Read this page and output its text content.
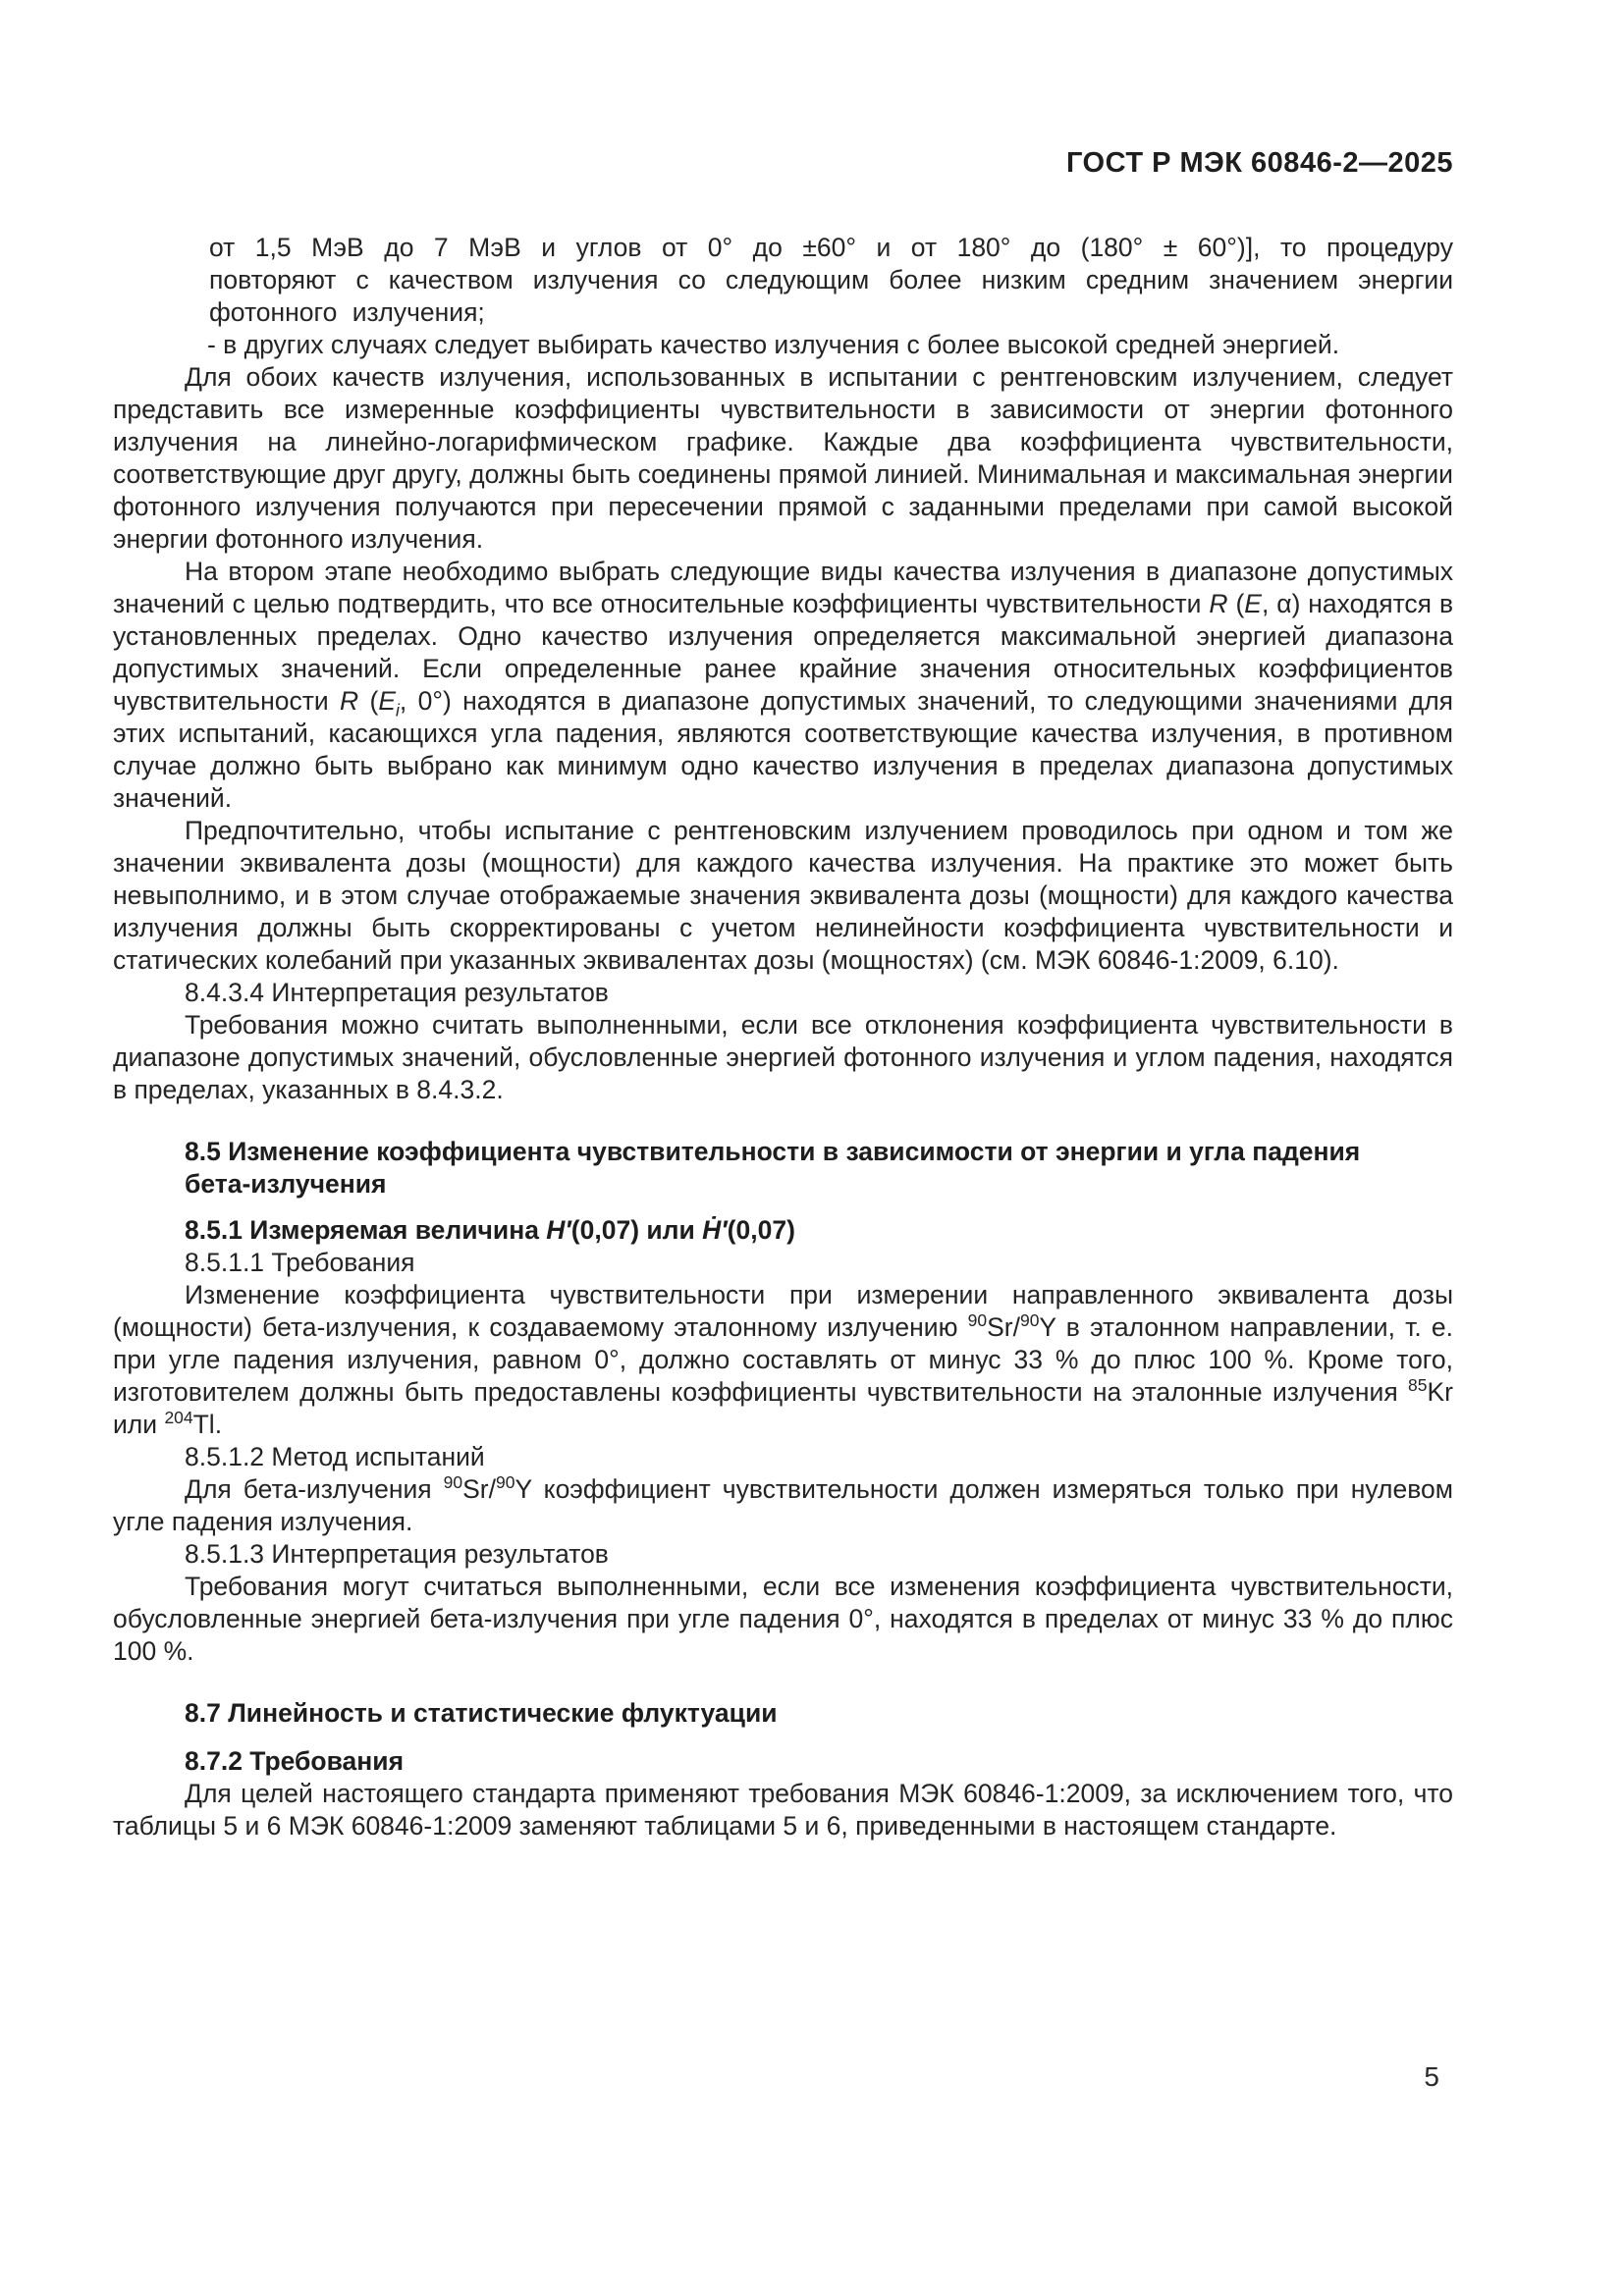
ГОСТ Р МЭК 60846-2—2025
от 1,5 МэВ до 7 МэВ и углов от 0° до ±60° и от 180° до (180° ± 60°)], то процедуру повторяют с качеством излучения со следующим более низким средним значением энергии фотонного излучения;
- в других случаях следует выбирать качество излучения с более высокой средней энергией.
Для обоих качеств излучения, использованных в испытании с рентгеновским излучением, следует представить все измеренные коэффициенты чувствительности в зависимости от энергии фотонного излучения на линейно-логарифмическом графике. Каждые два коэффициента чувствительности, соответствующие друг другу, должны быть соединены прямой линией. Минимальная и максимальная энергии фотонного излучения получаются при пересечении прямой с заданными пределами при самой высокой энергии фотонного излучения.
На втором этапе необходимо выбрать следующие виды качества излучения в диапазоне допустимых значений с целью подтвердить, что все относительные коэффициенты чувствительности R (E, α) находятся в установленных пределах. Одно качество излучения определяется максимальной энергией диапазона допустимых значений. Если определенные ранее крайние значения относительных коэффициентов чувствительности R ($E_i$, 0°) находятся в диапазоне допустимых значений, то следующими значениями для этих испытаний, касающихся угла падения, являются соответствующие качества излучения, в противном случае должно быть выбрано как минимум одно качество излучения в пределах диапазона допустимых значений.
Предпочтительно, чтобы испытание с рентгеновским излучением проводилось при одном и том же значении эквивалента дозы (мощности) для каждого качества излучения. На практике это может быть невыполнимо, и в этом случае отображаемые значения эквивалента дозы (мощности) для каждого качества излучения должны быть скорректированы с учетом нелинейности коэффициента чувствительности и статических колебаний при указанных эквивалентах дозы (мощностях) (см. МЭК 60846-1:2009, 6.10).
8.4.3.4 Интерпретация результатов
Требования можно считать выполненными, если все отклонения коэффициента чувствительности в диапазоне допустимых значений, обусловленные энергией фотонного излучения и углом падения, находятся в пределах, указанных в 8.4.3.2.
8.5 Изменение коэффициента чувствительности в зависимости от энергии и угла падения
бета-излучения
8.5.1 Измеряемая величина H′(0,07) или Ḣ′(0,07)
8.5.1.1 Требования
Изменение коэффициента чувствительности при измерении направленного эквивалента дозы (мощности) бета-излучения, к создаваемому эталонному излучению $^{90}$Sr/$^{90}$Y в эталонном направлении, т. е. при угле падения излучения, равном 0°, должно составлять от минус 33 % до плюс 100 %. Кроме того, изготовителем должны быть предоставлены коэффициенты чувствительности на эталонные излучения $^{85}$Kr или $^{204}$Tl.
8.5.1.2 Метод испытаний
Для бета-излучения $^{90}$Sr/$^{90}$Y коэффициент чувствительности должен измеряться только при нулевом угле падения излучения.
8.5.1.3 Интерпретация результатов
Требования могут считаться выполненными, если все изменения коэффициента чувствительности, обусловленные энергией бета-излучения при угле падения 0°, находятся в пределах от минус 33 % до плюс 100 %.
8.7 Линейность и статистические флуктуации
8.7.2 Требования
Для целей настоящего стандарта применяют требования МЭК 60846-1:2009, за исключением того, что таблицы 5 и 6 МЭК 60846-1:2009 заменяют таблицами 5 и 6, приведенными в настоящем стандарте.
5
